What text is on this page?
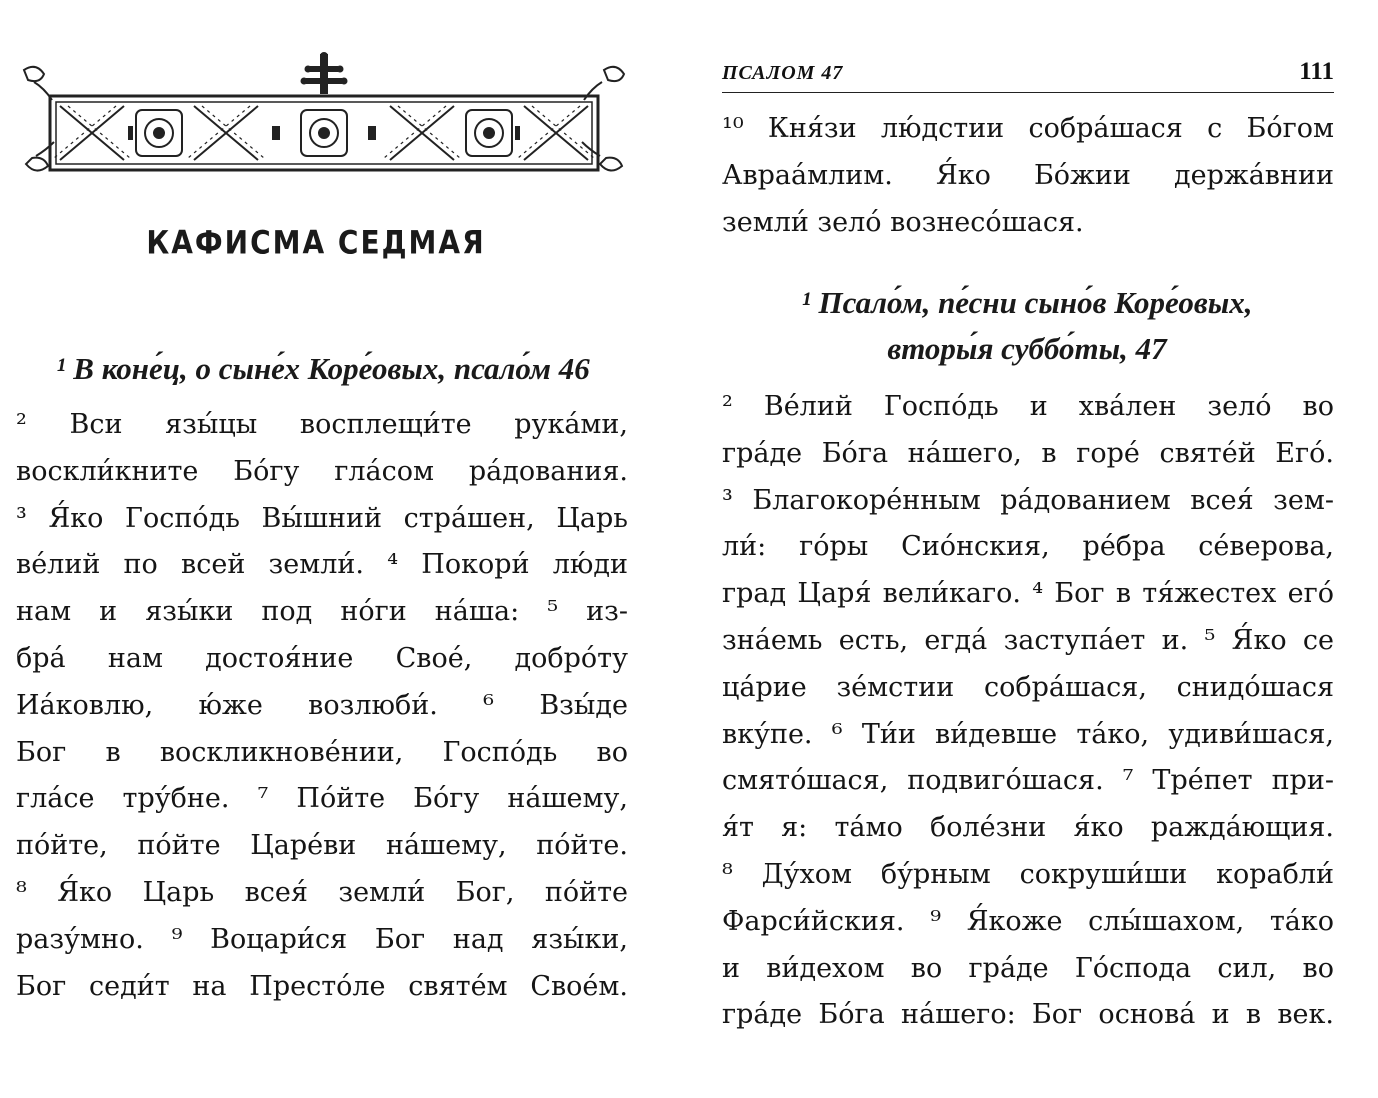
КАФИСМА СЕДМАЯ
¹ В коне́ц, о сыне́х Коре́овых, псало́м 46
² Вси язы́цы восплещи́те рука́ми,
воскли́кните Бо́гу гла́сом ра́дования.
³ Я́ко Госпо́дь Вы́шний стра́шен, Царь
ве́лий по всей земли́. ⁴ Покори́ лю́ди
нам и язы́ки под но́ги на́ша: ⁵ из-
бра́ нам достоя́ние Свое́, добро́ту
Иа́ковлю, ю́же возлюби́. ⁶ Взы́де
Бог в воскликнове́нии, Госпо́дь во
гла́се тру́бне. ⁷ По́йте Бо́гу на́шему,
по́йте, по́йте Царе́ви на́шему, по́йте.
⁸ Я́ко Царь всея́ земли́ Бог, по́йте
разу́мно. ⁹ Воцари́ся Бог над язы́ки,
Бог седи́т на Престо́ле святе́м Свое́м.
ПСАЛОМ 47	111
¹⁰ Кня́зи лю́дстии собра́шася с Бо́гом
Авраа́млим. Я́ко Бо́жии держа́внии
земли́ зело́ вознесо́шася.
¹ Псало́м, пе́сни сыно́в Коре́овых,
вторы́я суббо́ты, 47
² Ве́лий Госпо́дь и хва́лен зело́ во
гра́де Бо́га на́шего, в горе́ святе́й Его́.
³ Благокоре́нным ра́дованием всея́ зем-
ли́: го́ры Сио́нския, ре́бра се́верова,
град Царя́ вели́каго. ⁴ Бог в тя́жестех его́
зна́емь есть, егда́ заступа́ет и. ⁵ Я́ко се
ца́рие зе́мстии собра́шася, снидо́шася
вку́пе. ⁶ Ти́и ви́девше та́ко, удиви́шася,
смято́шася, подвиго́шася. ⁷ Тре́пет при-
я́т я: та́мо боле́зни я́ко ражда́ющия.
⁸ Ду́хом бу́рным сокруши́ши корабли́
Фарси́йския. ⁹ Я́коже слы́шахом, та́ко
и ви́дехом во гра́де Го́спода сил, во
гра́де Бо́га на́шего: Бог основа́ и в век.
